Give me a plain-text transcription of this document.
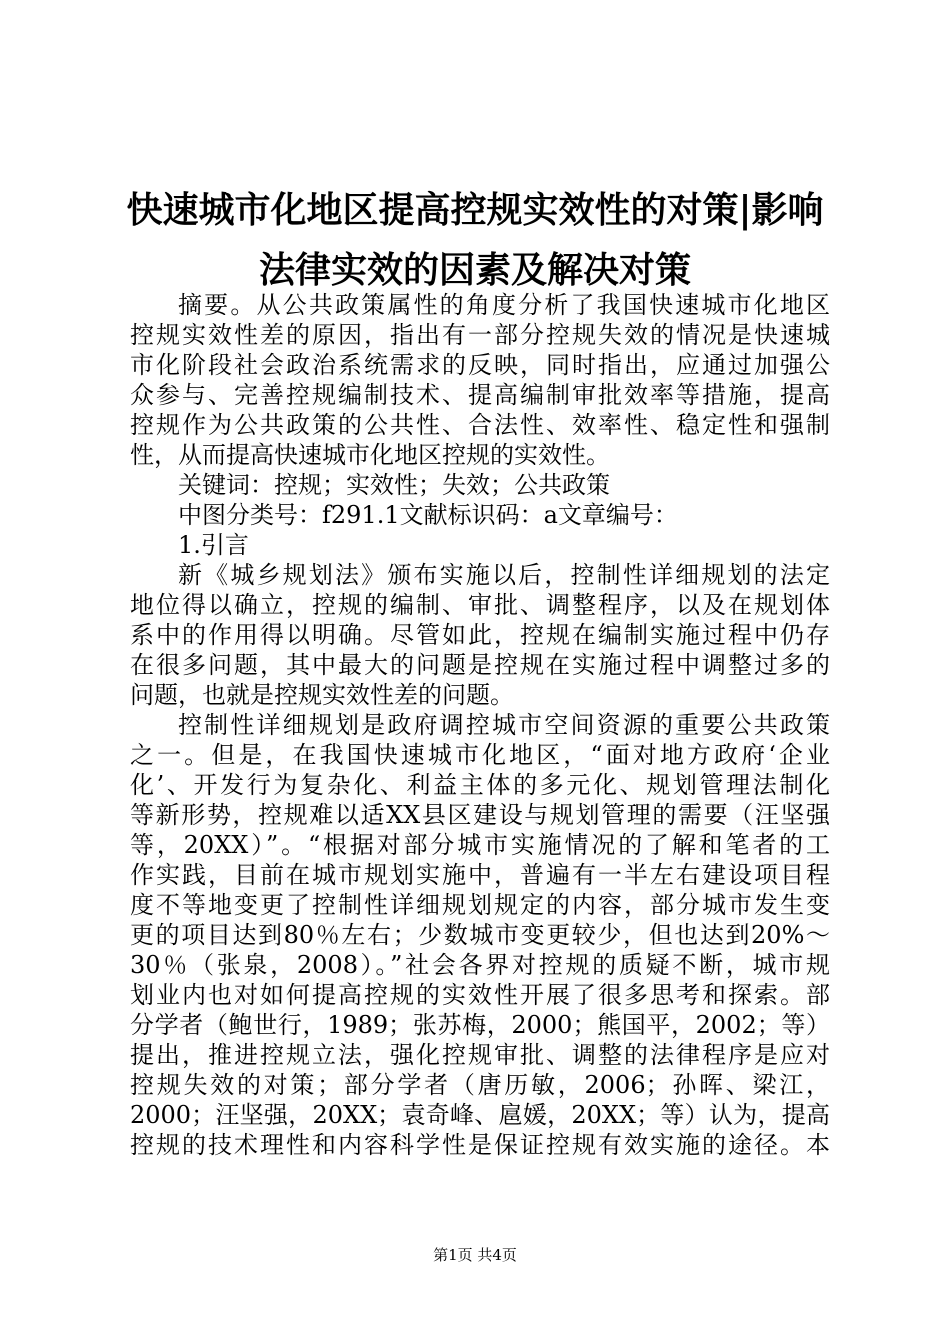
快速城市化地区提高控规实效性的对策|影响
法律实效的因素及解决对策
摘要。从公共政策属性的角度分析了我国快速城市化地区
控规实效性差的原因，指出有一部分控规失效的情况是快速城
市化阶段社会政治系统需求的反映，同时指出，应通过加强公
众参与、完善控规编制技术、提高编制审批效率等措施，提高
控规作为公共政策的公共性、合法性、效率性、稳定性和强制
性，从而提高快速城市化地区控规的实效性。
关键词：控规；实效性；失效；公共政策
中图分类号：f291.1文献标识码：a文章编号：
1.引言
新《城乡规划法》颁布实施以后，控制性详细规划的法定
地位得以确立，控规的编制、审批、调整程序，以及在规划体
系中的作用得以明确。尽管如此，控规在编制实施过程中仍存
在很多问题，其中最大的问题是控规在实施过程中调整过多的
问题，也就是控规实效性差的问题。
控制性详细规划是政府调控城市空间资源的重要公共政策
之一。但是，在我国快速城市化地区，“面对地方政府‘企业
化’、开发行为复杂化、利益主体的多元化、规划管理法制化
等新形势，控规难以适XX县区建设与规划管理的需要（汪坚强
等，20XX）”。“根据对部分城市实施情况的了解和笔者的工
作实践，目前在城市规划实施中，普遍有一半左右建设项目程
度不等地变更了控制性详细规划规定的内容，部分城市发生变
更的项目达到80％左右；少数城市变更较少，但也达到20%～
30％（张泉，2008）。”社会各界对控规的质疑不断，城市规
划业内也对如何提高控规的实效性开展了很多思考和探索。部
分学者（鲍世行，1989；张苏梅，2000；熊国平，2002；等）
提出，推进控规立法，强化控规审批、调整的法律程序是应对
控规失效的对策；部分学者（唐历敏，2006；孙晖、梁江，
2000；汪坚强，20XX；袁奇峰、扈媛，20XX；等）认为，提高
控规的技术理性和内容科学性是保证控规有效实施的途径。本
第1页 共4页
